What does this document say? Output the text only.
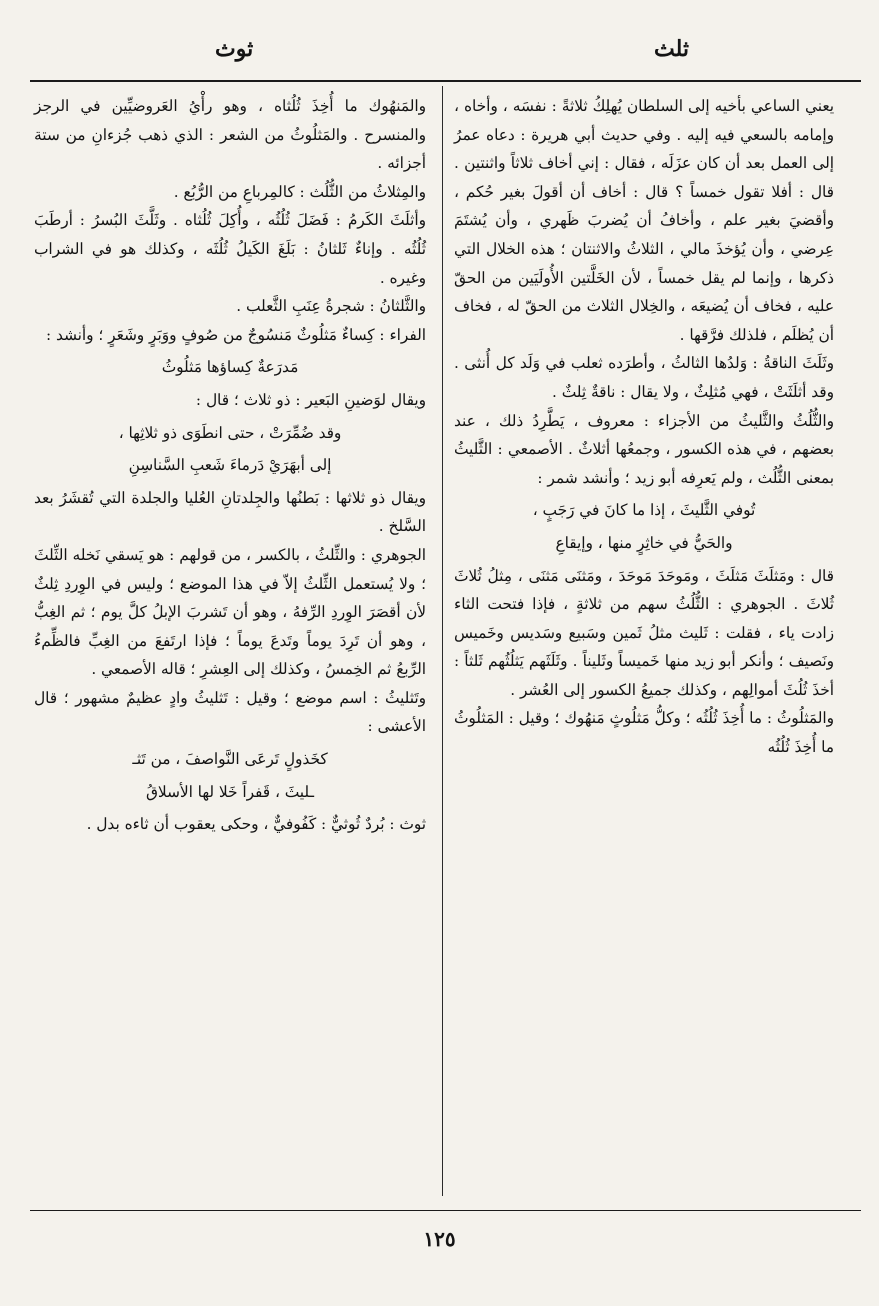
ثلث
ثوث

يعني الساعي بأخيه إلى السلطان يُهلِكُ ثلاثةً : نفسَه ، وأخاه ، وإمامه بالسعي فيه إليه . وفي حديث أبي هريرة : دعاه عمرُ إلى العمل بعد أن كان عزَلَه ، فقال : إني أخاف ثلاثاً واثنتين . قال : أفلا تقول خمساً ؟ قال : أخاف أن أقولَ بغير حُكم ، وأقضيَ بغير علم ، وأخافُ أن يُضربَ ظَهري ، وأن يُشتَمَ عِرضي ، وأن يُؤخذَ مالي ، الثلاثُ والاثنتان ؛ هذه الخلال التي ذكرها ، وإنما لم يقل خمساً ، لأن الخَلَّتين الأُولَيَين من الحقّ عليه ، فخاف أن يُضيعَه ، والخِلال الثلاث من الحقّ له ، فخاف أن يُظلَم ، فلذلك فرَّقها .

وثَلَثَ الناقةُ : وَلدُها الثالثُ ، وأطرَده ثعلب في وَلَد كل أُنثى . وقد أثلَثَتْ ، فهي مُثلِثٌ ، ولا يقال : ناقةٌ ثِلثٌ .

والثُّلُثُ والثَّليثُ من الأجزاء : معروف ، يَطَّرِدُ ذلك ، عند بعضهم ، في هذه الكسور ، وجمعُها أثلاثٌ . الأصمعي : الثَّليثُ بمعنى الثُّلُث ، ولم يَعرِفه أبو زيد ؛ وأنشد شمر :

تُوفي الثَّليثَ ، إذا ما كانَ في رَجَبٍ ،

والحَيُّ في خاثِرٍ منها ، وإيقاعِ

قال : ومَثلَثَ مَثلَثَ ، ومَوحَدَ مَوحَدَ ، ومَثنَى مَثنَى ، مِثلُ ثُلاثَ ثُلاثَ . الجوهري : الثُّلُثُ سهم من ثلاثةٍ ، فإذا فتحت الثاء زادت ياء ، فقلت : ثَليث مثلُ ثَمين وسَبيع وسَديس وخَميس ونَصيف ؛ وأنكر أبو زيد منها خَميساً وثَليناً . وثَلَثَهم يَثلُثُهم ثَلثاً : أخذَ ثُلُثَ أموالِهم ، وكذلك جميعُ الكسور إلى العُشر .

والمَثلُوثُ : ما أُخِذَ ثُلُثُه ؛ وكلُّ مَثلُوثٍ مَنهُوك ؛ وقيل : المَثلُوثُ ما أُخِذَ ثُلُثُه

والمَنهُوك ما أُخِذَ ثُلُثاه ، وهو رأْيُ العَروضيِّين في الرجز والمنسرح . والمَثلُوثُ من الشعر : الذي ذهب جُزءانِ من ستة أجزائه .

والمِثلاثُ من الثُّلُث : كالمِرباعِ من الرُّبُع .

وأثلَثَ الكَرمُ : فَضَلَ ثُلُثُه ، وأُكِلَ ثُلُثاه . وثَلَّثَ البُسرُ : أرطَبَ ثُلُثُه . وإناءٌ ثَلثانُ : بَلَغَ الكَيلُ ثُلُثَه ، وكذلك هو في الشراب وغيره .

والثَّلثانُ : شجرةُ عِنَبِ الثَّعلب .

الفراء : كِساءٌ مَثلُوثٌ مَنسُوجٌ من صُوفٍ ووَبَرٍ وشَعَرٍ ؛ وأنشد :

مَدرَعةٌ كِساؤها مَثلُوثُ

ويقال لوَضينِ البَعير : ذو ثلاث ؛ قال :

وقد ضُمِّرَتْ ، حتى انطَوَى ذو ثلاثِها ،

إلى أبهَرَيْ دَرماءَ شَعبِ السَّناسِنِ

ويقال ذو ثلاثها : بَطنُها والجِلدتانِ العُليا والجلدة التي تُقشَرُ بعد السَّلخ .

الجوهري : والثِّلثُ ، بالكسر ، من قولهم : هو يَسقي نَخله الثِّلثَ ؛ ولا يُستعمل الثِّلثُ إلاّ في هذا الموضع ؛ وليس في الوِردِ ثِلثٌ لأن أقصَرَ الوِردِ الرِّفهُ ، وهو أن تَشربَ الإبلُ كلَّ يوم ؛ ثم الغِبُّ ، وهو أن تَرِدَ يوماً وتَدعَ يوماً ؛ فإذا ارتَفعَ من الغِبِّ فالظِّمءُ الرِّبعُ ثم الخِمسُ ، وكذلك إلى العِشرِ ؛ قاله الأصمعي .

وتَثليثُ : اسم موضع ؛ وقيل : تَثليثُ وادٍ عظيمٌ مشهور ؛ قال الأعشى :

كخَذولٍ تَرعَى النَّواصفَ ، من تَثـ

ـليثَ ، قَفراً خَلا لها الأسلاقُ

ثوث : بُردٌ ثُوثيٌّ : كَفُوفيٌّ ، وحكى يعقوب أن ثاءه بدل .

١٢٥
